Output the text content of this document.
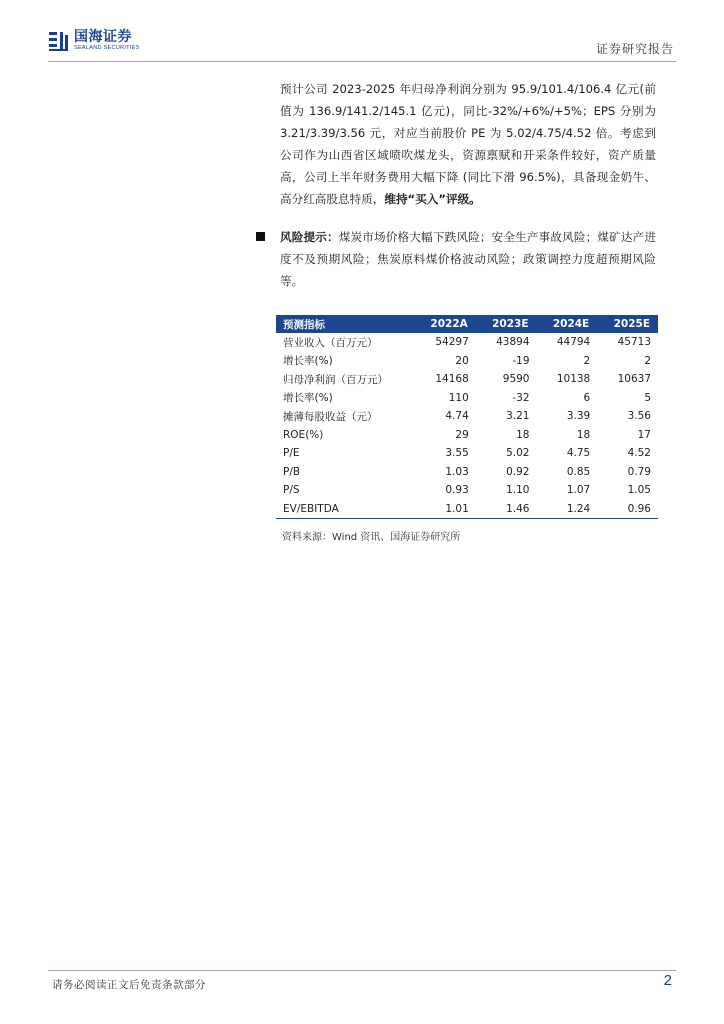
国海证券
SEALAND SECURITIES	证券研究报告

预计公司 2023-2025 年归母净利润分别为 95.9/101.4/106.4 亿元(前值为 136.9/141.2/145.1 亿元)，同比-32%/+6%/+5%；EPS 分别为 3.21/3.39/3.56 元，对应当前股价 PE 为 5.02/4.75/4.52 倍。考虑到公司作为山西省区域喷吹煤龙头，资源禀赋和开采条件较好，资产质量高，公司上半年财务费用大幅下降 (同比下滑 96.5%)，具备现金奶牛、高分红高股息特质，维持“买入”评级。

风险提示：煤炭市场价格大幅下跌风险；安全生产事故风险；煤矿达产进度不及预期风险；焦炭原料煤价格波动风险；政策调控力度超预期风险等。
预测指标	2022A	2023E	2024E	2025E
营业收入（百万元）	54297	43894	44794	45713
增长率(%)	20	-19	2	2
归母净利润（百万元）	14168	9590	10138	10637
增长率(%)	110	-32	6	5
摊薄每股收益（元）	4.74	3.21	3.39	3.56
ROE(%)	29	18	18	17
P/E	3.55	5.02	4.75	4.52
P/B	1.03	0.92	0.85	0.79
P/S	0.93	1.10	1.07	1.05
EV/EBITDA	1.01	1.46	1.24	0.96
资料来源：Wind 资讯、国海证券研究所
请务必阅读正文后免责条款部分	2
